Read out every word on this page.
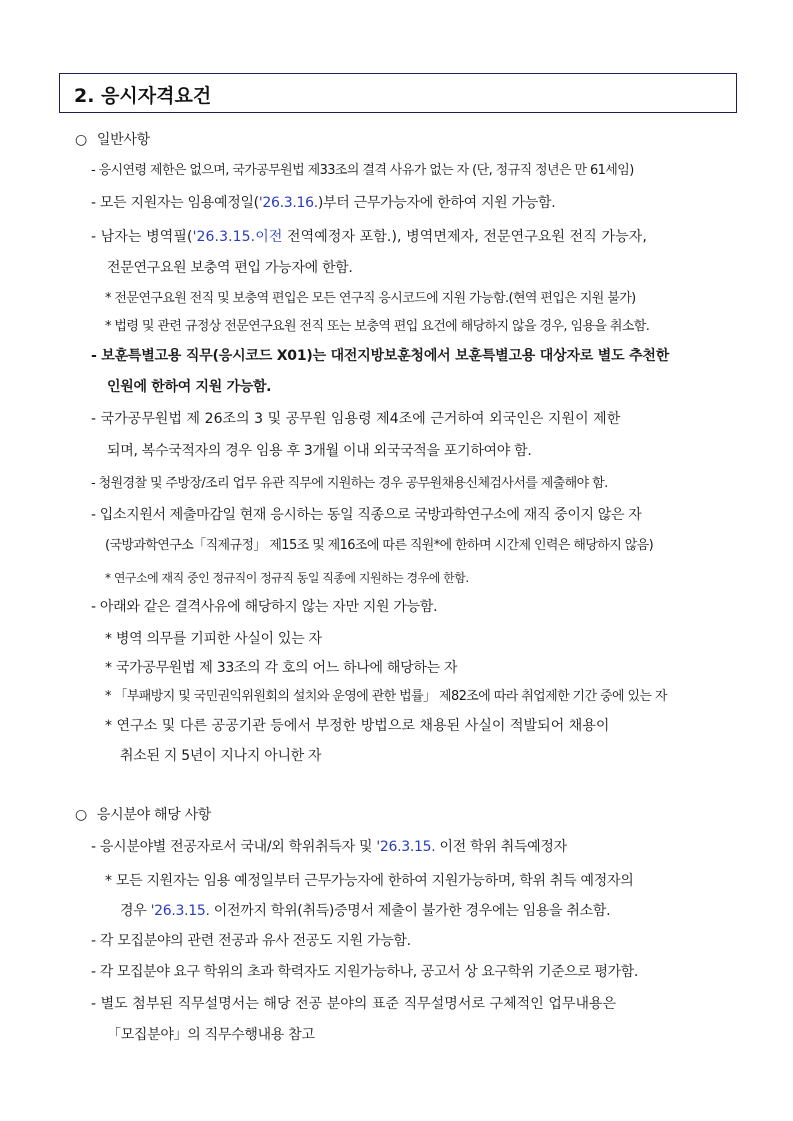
2. 응시자격요건
○ 일반사항
- 응시연령 제한은 없으며, 국가공무원법 제33조의 결격 사유가 없는 자 (단, 정규직 정년은 만 61세임)
- 모든 지원자는 임용예정일('26.3.16.)부터 근무가능자에 한하여 지원 가능함.
- 남자는 병역필('26.3.15.이전 전역예정자 포함.), 병역면제자, 전문연구요원 전직 가능자,
전문연구요원 보충역 편입 가능자에 한함.
* 전문연구요원 전직 및 보충역 편입은 모든 연구직 응시코드에 지원 가능함.(현역 편입은 지원 불가)
* 법령 및 관련 규정상 전문연구요원 전직 또는 보충역 편입 요건에 해당하지 않을 경우, 임용을 취소함.
- 보훈특별고용 직무(응시코드 X01)는 대전지방보훈청에서 보훈특별고용 대상자로 별도 추천한
인원에 한하여 지원 가능함.
- 국가공무원법 제 26조의 3 및 공무원 임용령 제4조에 근거하여 외국인은 지원이 제한
되며, 복수국적자의 경우 임용 후 3개월 이내 외국국적을 포기하여야 함.
- 청원경찰 및 주방장/조리 업무 유관 직무에 지원하는 경우 공무원채용신체검사서를 제출해야 함.
- 입소지원서 제출마감일 현재 응시하는 동일 직종으로 국방과학연구소에 재직 중이지 않은 자
(국방과학연구소「직제규정」 제15조 및 제16조에 따른 직원*에 한하며 시간제 인력은 해당하지 않음)
* 연구소에 재직 중인 정규직이 정규직 동일 직종에 지원하는 경우에 한함.
- 아래와 같은 결격사유에 해당하지 않는 자만 지원 가능함.
* 병역 의무를 기피한 사실이 있는 자
* 국가공무원법 제 33조의 각 호의 어느 하나에 해당하는 자
* 「부패방지 및 국민권익위원회의 설치와 운영에 관한 법률」 제82조에 따라 취업제한 기간 중에 있는 자
* 연구소 및 다른 공공기관 등에서 부정한 방법으로 채용된 사실이 적발되어 채용이
취소된 지 5년이 지나지 아니한 자
○ 응시분야 해당 사항
- 응시분야별 전공자로서 국내/외 학위취득자 및 '26.3.15. 이전 학위 취득예정자
* 모든 지원자는 임용 예정일부터 근무가능자에 한하여 지원가능하며, 학위 취득 예정자의
경우 '26.3.15. 이전까지 학위(취득)증명서 제출이 불가한 경우에는 임용을 취소함.
- 각 모집분야의 관련 전공과 유사 전공도 지원 가능함.
- 각 모집분야 요구 학위의 초과 학력자도 지원가능하나, 공고서 상 요구학위 기준으로 평가함.
- 별도 첨부된 직무설명서는 해당 전공 분야의 표준 직무설명서로 구체적인 업무내용은
「모집분야」의 직무수행내용 참고
